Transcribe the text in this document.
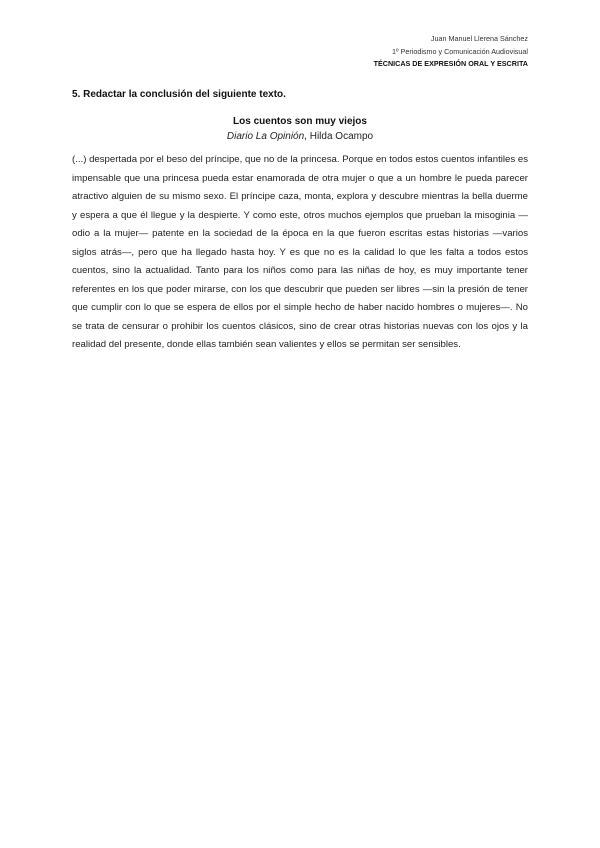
Juan Manuel Llerena Sánchez
1º Periodismo y Comunicación Audiovisual
TÉCNICAS DE EXPRESIÓN ORAL Y ESCRITA
5. Redactar la conclusión del siguiente texto.
Los cuentos son muy viejos
Diario La Opinión, Hilda Ocampo

(...) despertada por el beso del príncipe, que no de la princesa. Porque en todos estos cuentos infantiles es impensable que una princesa pueda estar enamorada de otra mujer o que a un hombre le pueda parecer atractivo alguien de su mismo sexo. El príncipe caza, monta, explora y descubre mientras la bella duerme y espera a que él llegue y la despierte. Y como este, otros muchos ejemplos que prueban la misoginia —odio a la mujer— patente en la sociedad de la época en la que fueron escritas estas historias —varios siglos atrás—, pero que ha llegado hasta hoy. Y es que no es la calidad lo que les falta a todos estos cuentos, sino la actualidad. Tanto para los niños como para las niñas de hoy, es muy importante tener referentes en los que poder mirarse, con los que descubrir que pueden ser libres —sin la presión de tener que cumplir con lo que se espera de ellos por el simple hecho de haber nacido hombres o mujeres—. No se trata de censurar o prohibir los cuentos clásicos, sino de crear otras historias nuevas con los ojos y la realidad del presente, donde ellas también sean valientes y ellos se permitan ser sensibles.
